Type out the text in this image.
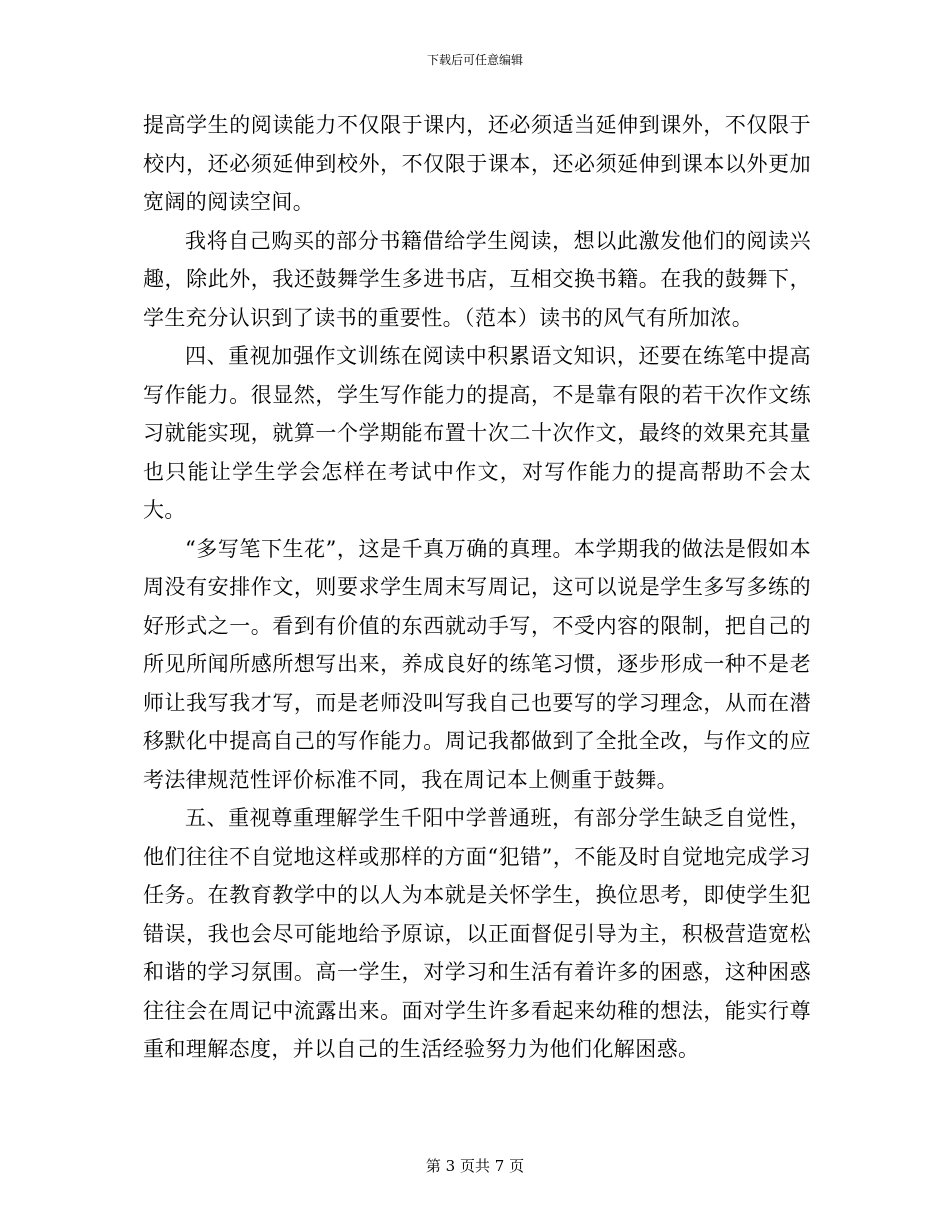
下载后可任意编辑

提高学生的阅读能力不仅限于课内，还必须适当延伸到课外，不仅限于校内，还必须延伸到校外，不仅限于课本，还必须延伸到课本以外更加宽阔的阅读空间。

我将自己购买的部分书籍借给学生阅读，想以此激发他们的阅读兴趣，除此外，我还鼓舞学生多进书店，互相交换书籍。在我的鼓舞下，学生充分认识到了读书的重要性。（范本）读书的风气有所加浓。

四、重视加强作文训练在阅读中积累语文知识，还要在练笔中提高写作能力。很显然，学生写作能力的提高，不是靠有限的若干次作文练习就能实现，就算一个学期能布置十次二十次作文，最终的效果充其量也只能让学生学会怎样在考试中作文，对写作能力的提高帮助不会太大。

“多写笔下生花”，这是千真万确的真理。本学期我的做法是假如本周没有安排作文，则要求学生周末写周记，这可以说是学生多写多练的好形式之一。看到有价值的东西就动手写，不受内容的限制，把自己的所见所闻所感所想写出来，养成良好的练笔习惯，逐步形成一种不是老师让我写我才写，而是老师没叫写我自己也要写的学习理念，从而在潜移默化中提高自己的写作能力。周记我都做到了全批全改，与作文的应考法律规范性评价标准不同，我在周记本上侧重于鼓舞。

五、重视尊重理解学生千阳中学普通班，有部分学生缺乏自觉性，他们往往不自觉地这样或那样的方面“犯错”，不能及时自觉地完成学习任务。在教育教学中的以人为本就是关怀学生，换位思考，即使学生犯错误，我也会尽可能地给予原谅，以正面督促引导为主，积极营造宽松和谐的学习氛围。高一学生，对学习和生活有着许多的困惑，这种困惑往往会在周记中流露出来。面对学生许多看起来幼稚的想法，能实行尊重和理解态度，并以自己的生活经验努力为他们化解困惑。

第 3 页共 7 页
